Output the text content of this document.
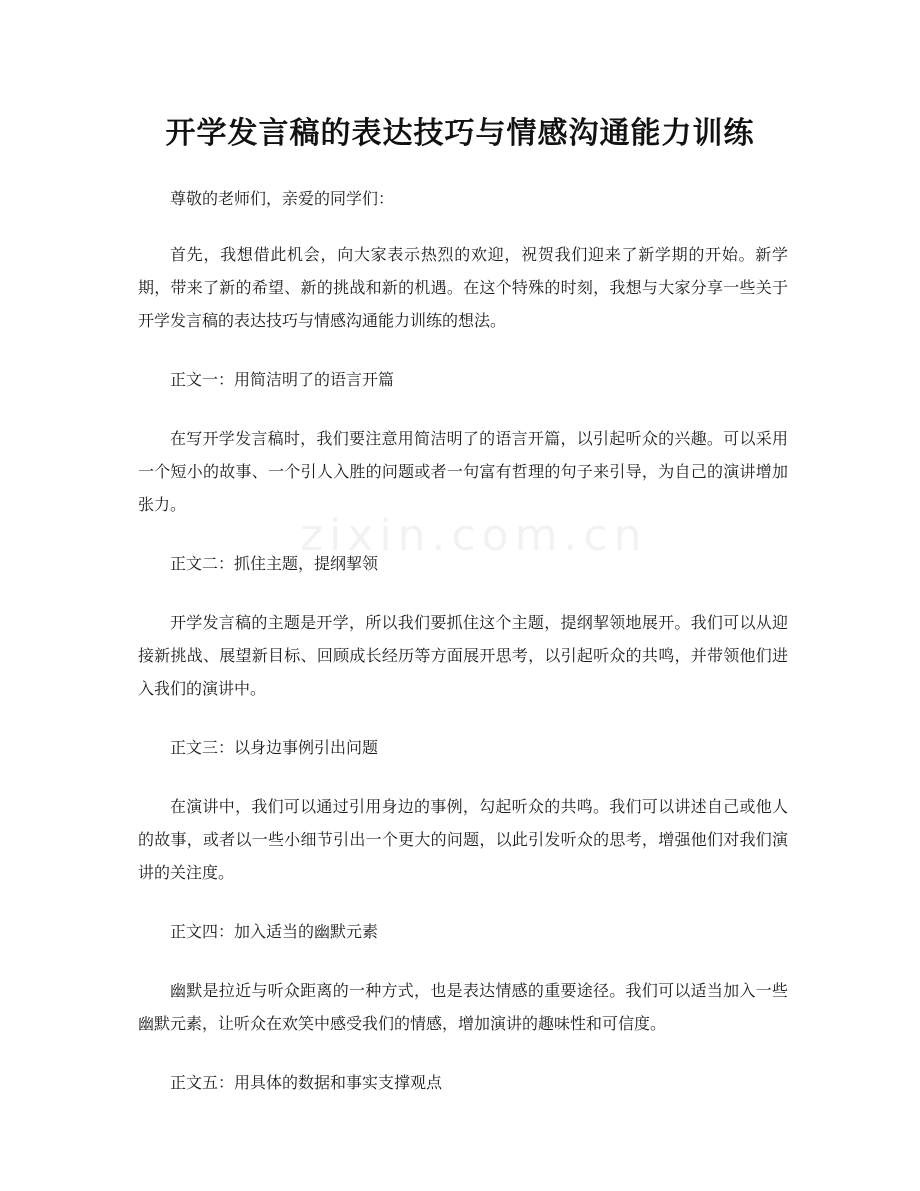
开学发言稿的表达技巧与情感沟通能力训练
zixin.com.cn

尊敬的老师们，亲爱的同学们：

首先，我想借此机会，向大家表示热烈的欢迎，祝贺我们迎来了新学期的开始。新学期，带来了新的希望、新的挑战和新的机遇。在这个特殊的时刻，我想与大家分享一些关于开学发言稿的表达技巧与情感沟通能力训练的想法。

正文一：用简洁明了的语言开篇

在写开学发言稿时，我们要注意用简洁明了的语言开篇，以引起听众的兴趣。可以采用一个短小的故事、一个引人入胜的问题或者一句富有哲理的句子来引导，为自己的演讲增加张力。

正文二：抓住主题，提纲挈领

开学发言稿的主题是开学，所以我们要抓住这个主题，提纲挈领地展开。我们可以从迎接新挑战、展望新目标、回顾成长经历等方面展开思考，以引起听众的共鸣，并带领他们进入我们的演讲中。

正文三：以身边事例引出问题

在演讲中，我们可以通过引用身边的事例，勾起听众的共鸣。我们可以讲述自己或他人的故事，或者以一些小细节引出一个更大的问题，以此引发听众的思考，增强他们对我们演讲的关注度。

正文四：加入适当的幽默元素

幽默是拉近与听众距离的一种方式，也是表达情感的重要途径。我们可以适当加入一些幽默元素，让听众在欢笑中感受我们的情感，增加演讲的趣味性和可信度。

正文五：用具体的数据和事实支撑观点
